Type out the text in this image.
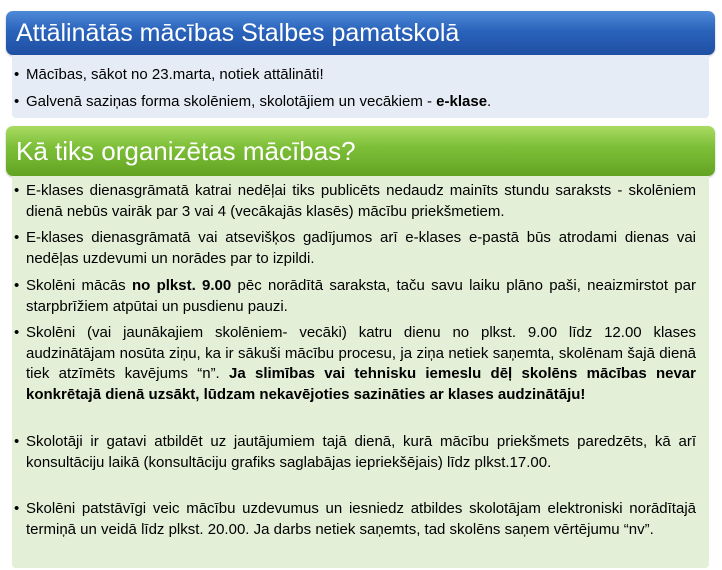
Attālinātās mācības Stalbes pamatskolā
• Mācības, sākot no 23.marta, notiek attālināti!
• Galvenā saziņas forma skolēniem, skolotājiem un vecākiem - e-klase.
Kā tiks organizētas mācības?
• E-klases dienasgrāmatā katrai nedēļai tiks publicēts nedaudz mainīts stundu saraksts - skolēniem dienā nebūs vairāk par 3 vai 4 (vecākajās klasēs) mācību priekšmetiem.
• E-klases dienasgrāmatā vai atsevišķos gadījumos arī e-klases e-pastā būs atrodami dienas vai nedēļas uzdevumi un norādes par to izpildi.
• Skolēni mācās no plkst. 9.00 pēc norādītā saraksta, taču savu laiku plāno paši, neaizmirstot par starpbrīžiem atpūtai un pusdienu pauzi.
• Skolēni (vai jaunākajiem skolēniem- vecāki) katru dienu no plkst. 9.00 līdz 12.00 klases audzinātājam nosūta ziņu, ka ir sākuši mācību procesu, ja ziņa netiek saņemta, skolēnam šajā dienā tiek atzīmēts kavējums “n”. Ja slimības vai tehnisku iemeslu dēļ skolēns mācības nevar konkrētajā dienā uzsākt, lūdzam nekavējoties sazināties ar klases audzinātāju!
• Skolotāji ir gatavi atbildēt uz jautājumiem tajā dienā, kurā mācību priekšmets paredzēts, kā arī konsultāciju laikā (konsultāciju grafiks saglabājas iepriekšējais) līdz plkst.17.00.
• Skolēni patstāvīgi veic mācību uzdevumus un iesniedz atbildes skolotājam elektroniski norādītajā termiņā un veidā līdz plkst. 20.00. Ja darbs netiek saņemts, tad skolēns saņem vērtējumu “nv”.
